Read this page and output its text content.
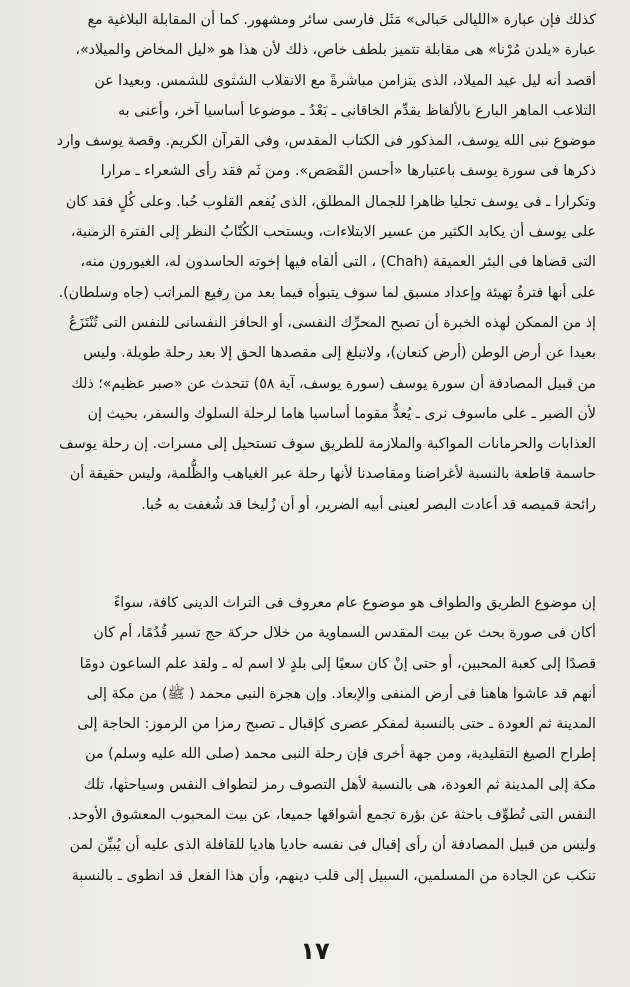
كذلك فإن عبارة «الليالى حَبالى» مَثَل فارسى سائر ومشهور. كما أن المقابلة البلاغية مع
عبارة «يلدن مُرْنا» هى مقابلة تتميز بلطف خاص، ذلك لأن هذا هو «ليل المخاض والميلاد»،
أقصد أنه ليل عيد الميلاد، الذى يتزامن مباشرةً مع الانقلاب الشتوى للشمس. وبعيدا عن
التلاعب الماهر البارع بالألفاظ يقدِّم الخاقانى ـ بَعْدُ ـ موضوعا أساسيا آخر، وأعنى به
موضوع نبى الله يوسف، المذكور فى الكتاب المقدس، وفى القرآن الكريم. وقصة يوسف وارد
ذكرها فى سورة يوسف باعتبارها «أحسن القَصَص». ومن ثَم فقد رأى الشعراء ـ مرارا
وتكرارا ـ فى يوسف تجليا ظاهرا للجمال المطلق، الذى يُفعم القلوب حُبا. وعلى كُلٍ فقد كان
على يوسف أن يكابد الكثير من عسير الابتلاءات، ويستحب الكُتّابُ النظر إلى الفترة الزمنية،
التى قضاها فى البئر العميقة (Chah) ، التى ألقاه فيها إخوته الحاسدون له، الغيورون منه،
على أنها فترةُ تهيئة وإعداد مسبق لما سوف يتبوأه فيما بعد من رفيع المراتب (جاه وسلطان).
إذ من الممكن لهذه الخبرة أن تصبح المحرِّك النفسى، أو الحافز النفسانى للنفس التى تُنْتَزَعُ
بعيدا عن أرض الوطن (أرض كنعان)، ولاتبلغ إلى مقصدها الحق إلا بعد رحلة طويلة. وليس
من قبيل المصادفة أن سورة يوسف (سورة يوسف، آية ٥٨) تتحدث عن «صبر عظيم»؛ ذلك
لأن الصبر ـ على ماسوف نرى ـ يُعدُّ مقوما أساسيا هاما لرحلة السلوك والسفر، بحيث إن
العذابات والحرمانات المواكبة والملازمة للطريق سوف تستحيل إلى مسرات. إن رحلة يوسف
حاسمة قاطعة بالنسبة لأغراضنا ومقاصدنا لأنها رحلة عبر الغياهب والظُّلمة، وليس حقيقة أن
رائحة قميصه قد أعادت البصر لعينى أبيه الضرير، أو أن زُليخا قد شُغفت به حُبا.
إن موضوع الطريق والطواف هو موضوع عام معروف فى التراث الدينى كافة، سواءً
أكان فى صورة بحث عن بيت المقدس السماوية من خلال حركة حج تسير قُدُمًا، أم كان
قصدًا إلى كعبة المحبين، أو حتى إنْ كان سعيًا إلى بلدٍ لا اسم له ـ ولقد علم الساعون دومًا
أنهم قد عاشوا هاهنا فى أرض المنفى والإبعاد. وإن هجرة النبى محمد ( ﷺ) من مكة إلى
المدينة ثم العودة ـ حتى بالنسبة لمفكر عصرى كإقبال ـ تصبح رمزا من الرموز: الحاجة إلى
إطراح الصيغ التقليدية، ومن جهة أخرى فإن رحلة النبى محمد (صلى الله عليه وسلم) من
مكة إلى المدينة ثم العودة، هى بالنسبة لأهل التصوف رمز لتطواف النفس وسياحتها، تلك
النفس التى تُطوِّف باحثة عن بؤرة تجمع أشواقها جميعا، عن بيت المحبوب المعشوق الأوحد.
وليس من قبيل المصادفة أن رأى إقبال فى نفسه حاديا هاديا للقافلة الذى عليه أن يُبيِّن لمن
تنكب عن الجادة من المسلمين، السبيل إلى قلب دينهم، وأن هذا الفعل قد انطوى ـ بالنسبة
١٧
